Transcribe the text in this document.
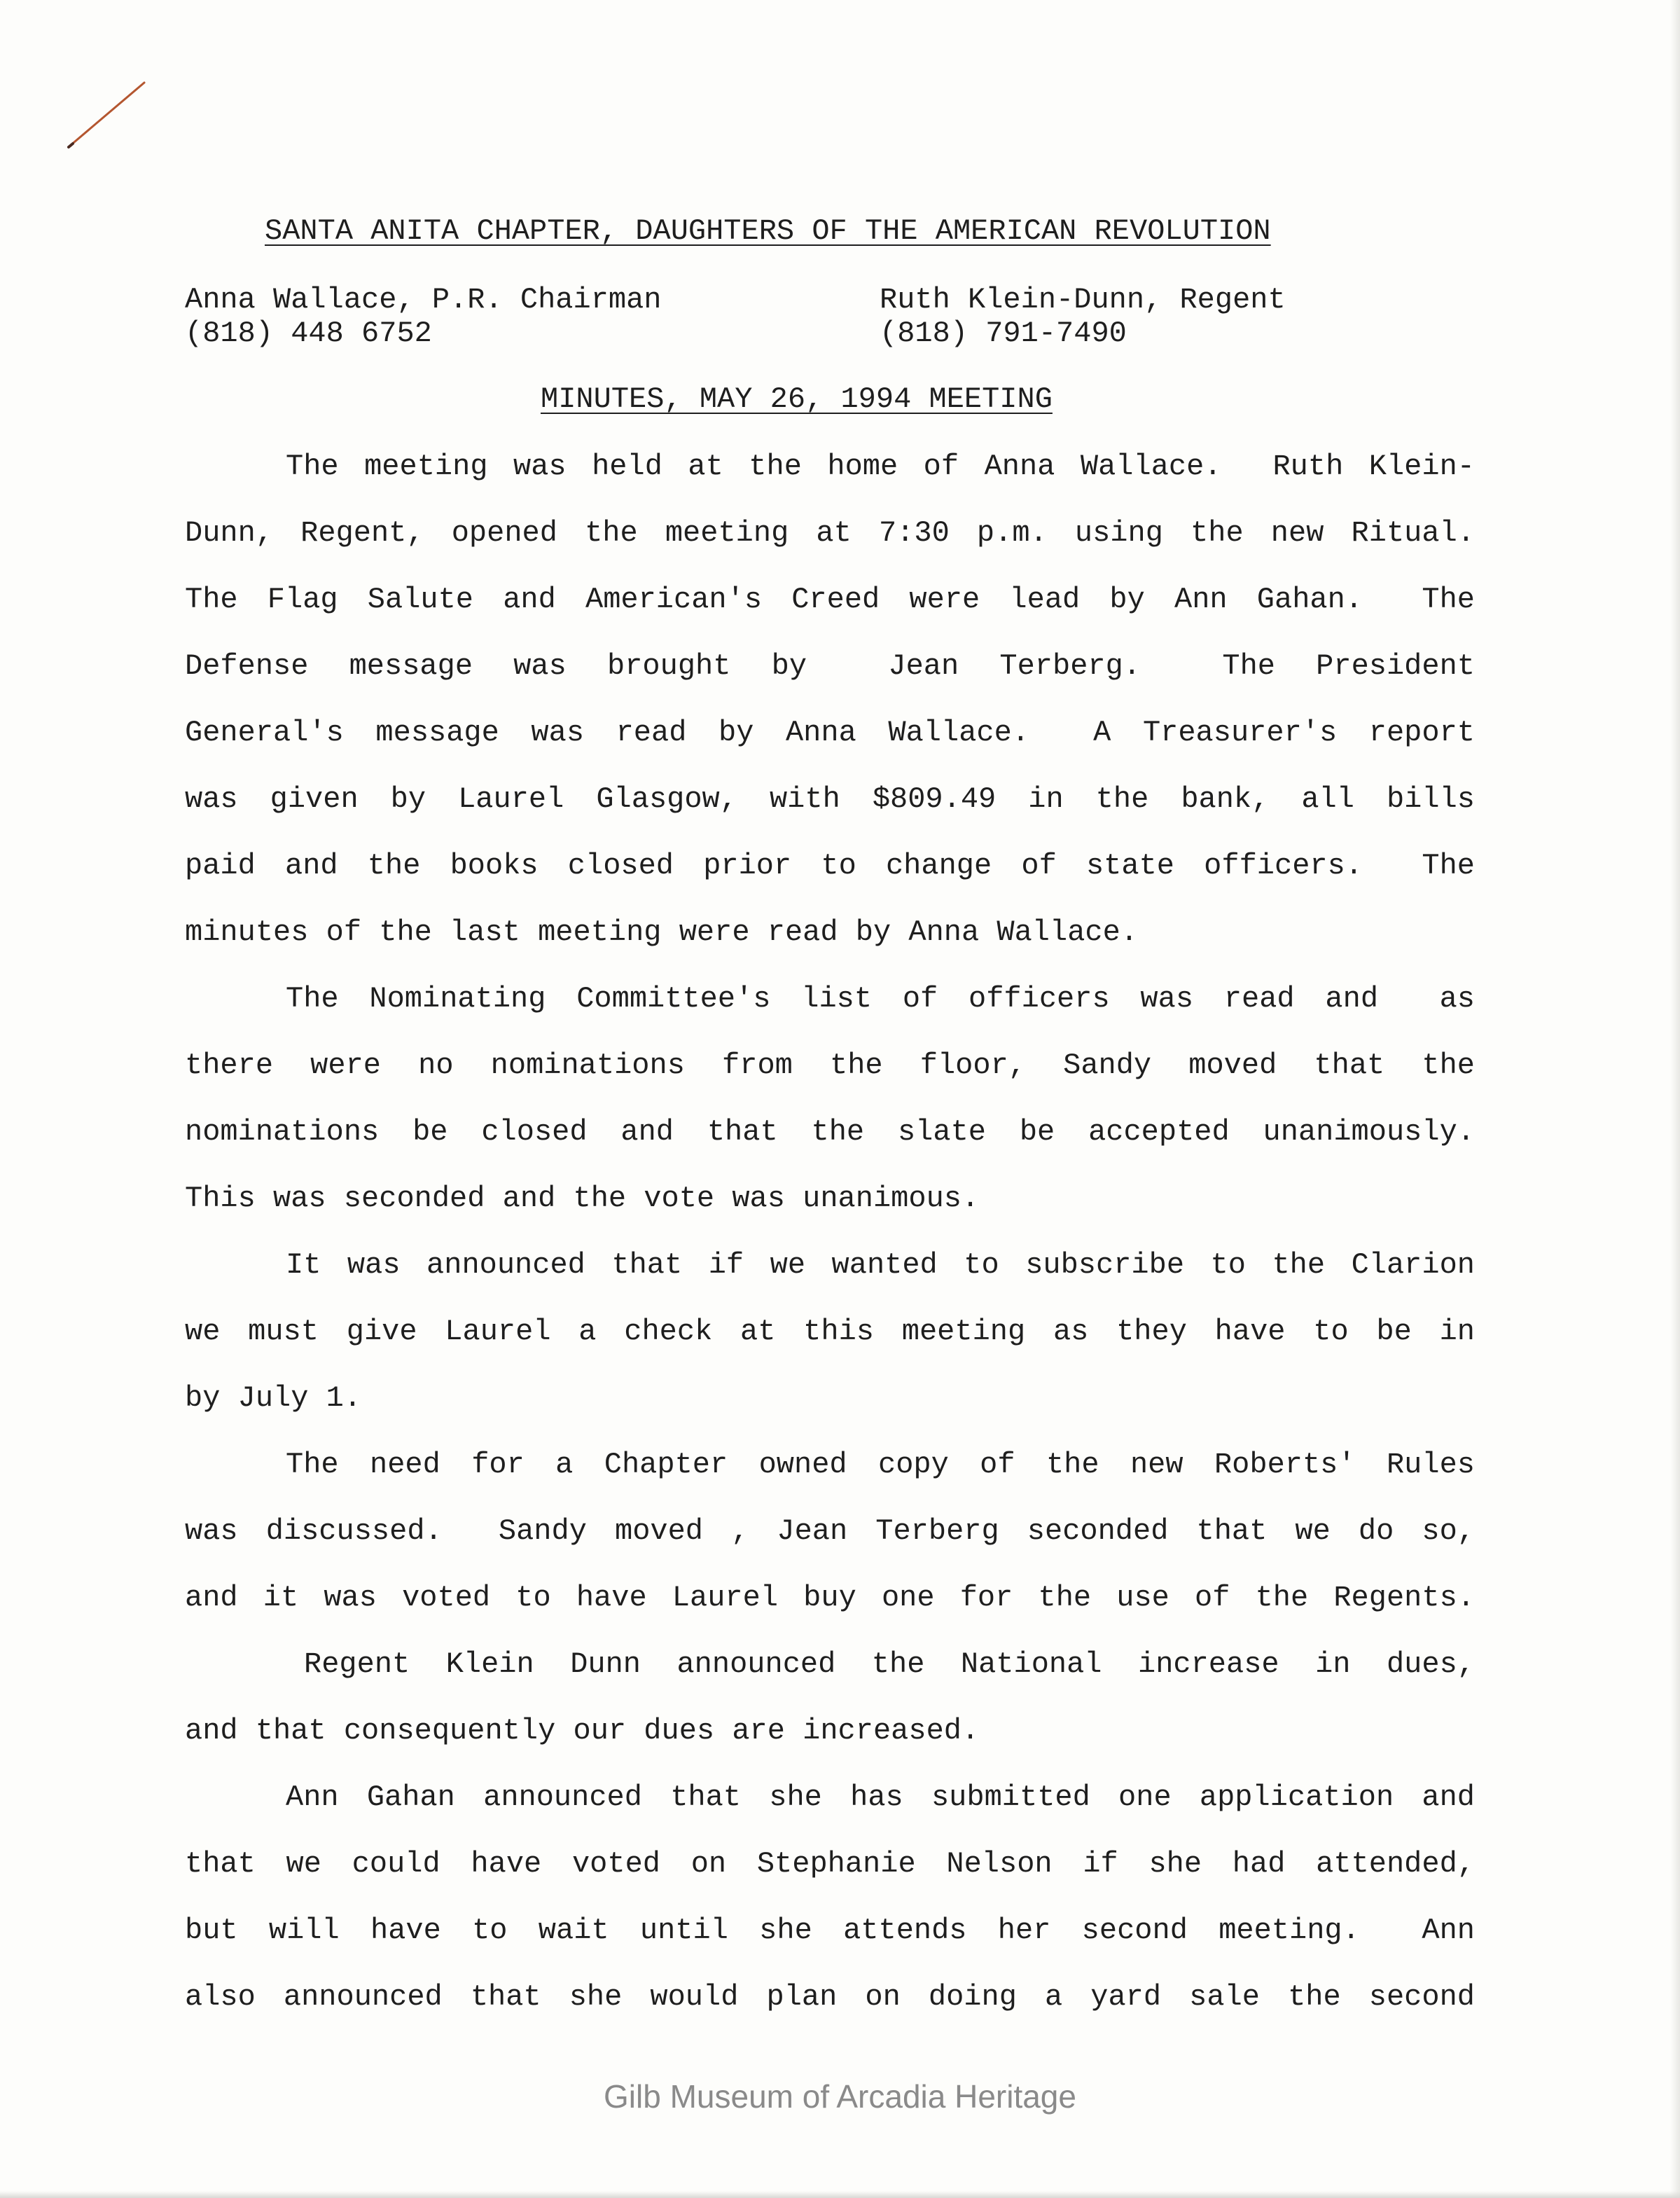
SANTA ANITA CHAPTER, DAUGHTERS OF THE AMERICAN REVOLUTION
Anna Wallace, P.R. Chairman
(818) 448 6752
Ruth Klein-Dunn, Regent
(818) 791-7490
MINUTES, MAY 26, 1994 MEETING
The meeting was held at the home of Anna Wallace.  Ruth Klein-
Dunn, Regent, opened the meeting at 7:30 p.m. using the new Ritual.
The Flag Salute and American's Creed were lead by Ann Gahan.  The
Defense message was brought by  Jean Terberg.  The President
General's message was read by Anna Wallace.  A Treasurer's report
was given by Laurel Glasgow, with $809.49 in the bank, all bills
paid and the books closed prior to change of state officers.  The
minutes of the last meeting were read by Anna Wallace.
The Nominating Committee's list of officers was read and  as
there were no nominations from the floor, Sandy moved that the
nominations be closed and that the slate be accepted unanimously.
This was seconded and the vote was unanimous.
It was announced that if we wanted to subscribe to the Clarion
we must give Laurel a check at this meeting as they have to be in
by July 1.
The need for a Chapter owned copy of the new Roberts' Rules
was discussed.  Sandy moved , Jean Terberg seconded that we do so,
and it was voted to have Laurel buy one for the use of the Regents.
Regent Klein Dunn announced the National increase in dues,
and that consequently our dues are increased.
Ann Gahan announced that she has submitted one application and
that we could have voted on Stephanie Nelson if she had attended,
but will have to wait until she attends her second meeting.  Ann
also announced that she would plan on doing a yard sale the second
Gilb Museum of Arcadia Heritage
